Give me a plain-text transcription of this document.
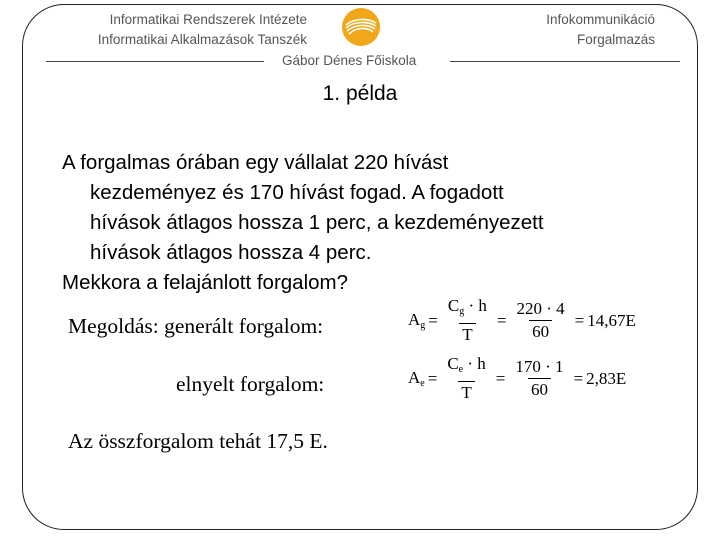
Informatikai Rendszerek Intézete
Informatikai Alkalmazások Tanszék
Infokommunikáció
Forgalmazás
Gábor Dénes Főiskola
1. példa
A forgalmas órában egy vállalat 220 hívást
kezdeményez és 170 hívást fogad. A fogadott
hívások átlagos hossza 1 perc, a kezdeményezett
hívások átlagos hossza 4 perc.
Mekkora a felajánlott forgalom?
Megoldás: generált forgalom:	$A_g = \frac{C_g \cdot h}{T} = \frac{220 \cdot 4}{60} = 14,67E$
elnyelt forgalom:	$A_e = \frac{C_e \cdot h}{T} = \frac{170 \cdot 1}{60} = 2,83E$
Az összforgalom tehát 17,5 E.
